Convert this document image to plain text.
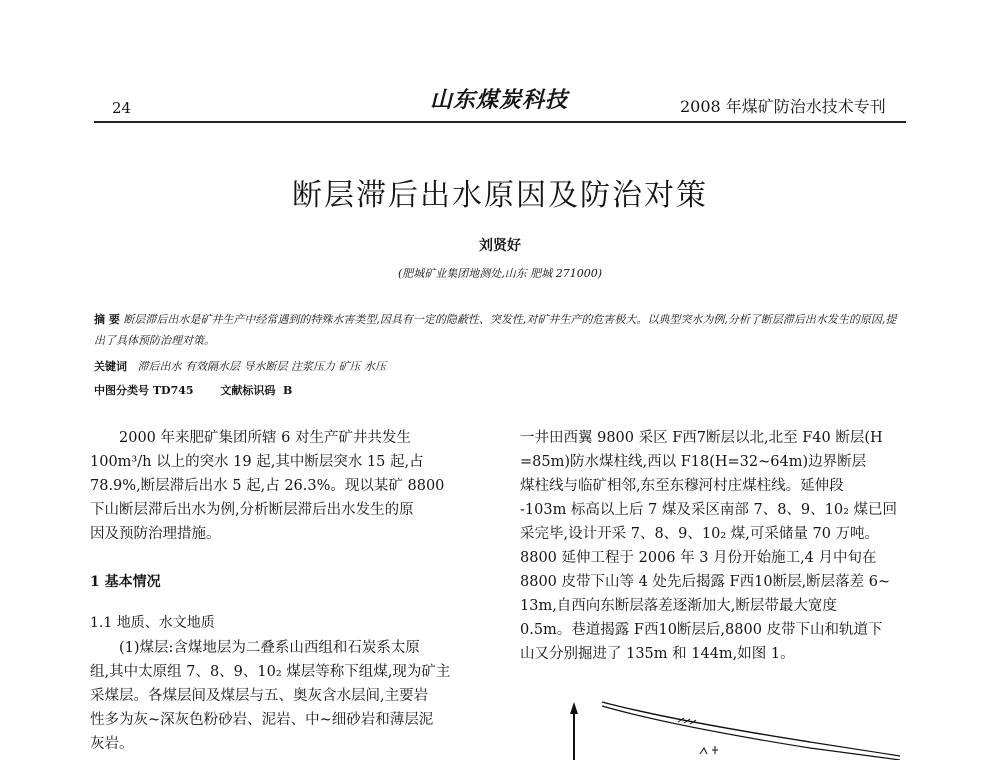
24	山东煤炭科技	2008 年煤矿防治水技术专刊
断层滞后出水原因及防治对策
刘贤好
(肥城矿业集团地测处,山东 肥城 271000)
摘 要 断层滞后出水是矿井生产中经常遇到的特殊水害类型,因具有一定的隐蔽性、突发性,对矿井生产的危害极大。以典型突水为例,分析了断层滞后出水发生的原因,提出了具体预防治理对策。
关键词 滞后出水 有效隔水层 导水断层 注浆压力 矿压 水压
中图分类号 TD745 文献标识码 B
　　2000 年来肥矿集团所辖 6 对生产矿井共发生
100m³/h 以上的突水 19 起,其中断层突水 15 起,占
78.9%,断层滞后出水 5 起,占 26.3%。现以某矿 8800
下山断层滞后出水为例,分析断层滞后出水发生的原
因及预防治理措施。
1 基本情况
1.1 地质、水文地质
　　(1)煤层:含煤地层为二叠系山西组和石炭系太原
组,其中太原组 7、8、9、10₂ 煤层等称下组煤,现为矿主
采煤层。各煤层间及煤层与五、奥灰含水层间,主要岩
性多为灰~深灰色粉砂岩、泥岩、中~细砂岩和薄层泥
灰岩。
一井田西翼 9800 采区 F西7断层以北,北至 F40 断层(H
=85m)防水煤柱线,西以 F18(H=32~64m)边界断层
煤柱线与临矿相邻,东至东穆河村庄煤柱线。延伸段
-103m 标高以上后 7 煤及采区南部 7、8、9、10₂ 煤已回
采完毕,设计开采 7、8、9、10₂ 煤,可采储量 70 万吨。
8800 延伸工程于 2006 年 3 月份开始施工,4 月中旬在
8800 皮带下山等 4 处先后揭露 F西10断层,断层落差 6~
13m,自西向东断层落差逐渐加大,断层带最大宽度
0.5m。巷道揭露 F西10断层后,8800 皮带下山和轨道下
山又分别掘进了 135m 和 144m,如图 1。
